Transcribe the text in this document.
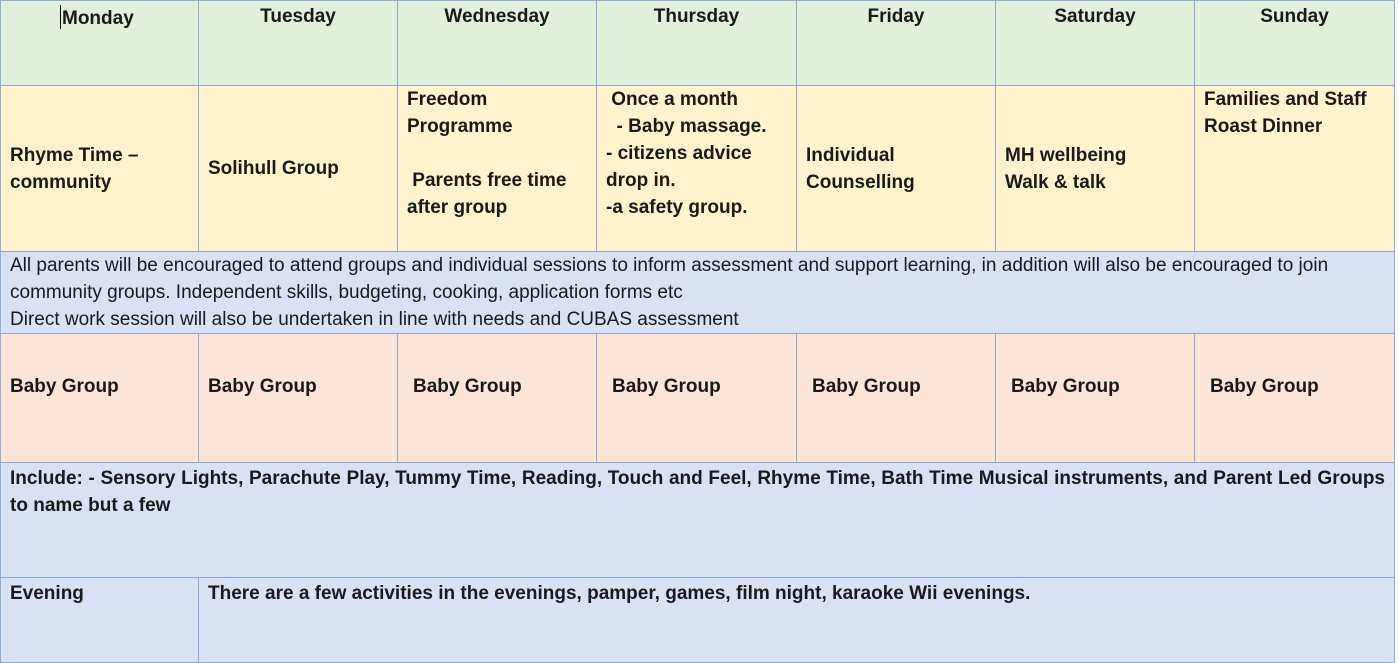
Monday	Tuesday	Wednesday	Thursday	Friday	Saturday	Sunday

Rhyme Time –
community	Solihull Group	Freedom
Programme

Parents free time
after group	Once a month
- Baby massage.
- citizens advice
drop in.
-a safety group.	Individual
Counselling	MH wellbeing
Walk & talk	Families and Staff
Roast Dinner

All parents will be encouraged to attend groups and individual sessions to inform assessment and support learning, in addition will also be encouraged to join community groups. Independent skills, budgeting, cooking, application forms etc

Direct work session will also be undertaken in line with needs and CUBAS assessment						

Baby Group	Baby Group	Baby Group	Baby Group	Baby Group	Baby Group	Baby Group
Include: - Sensory Lights, Parachute Play, Tummy Time, Reading, Touch and Feel, Rhyme Time, Bath Time Musical instruments, and Parent Led Groups to name but a few						
Evening	There are a few activities in the evenings, pamper, games, film night, karaoke Wii evenings.					
